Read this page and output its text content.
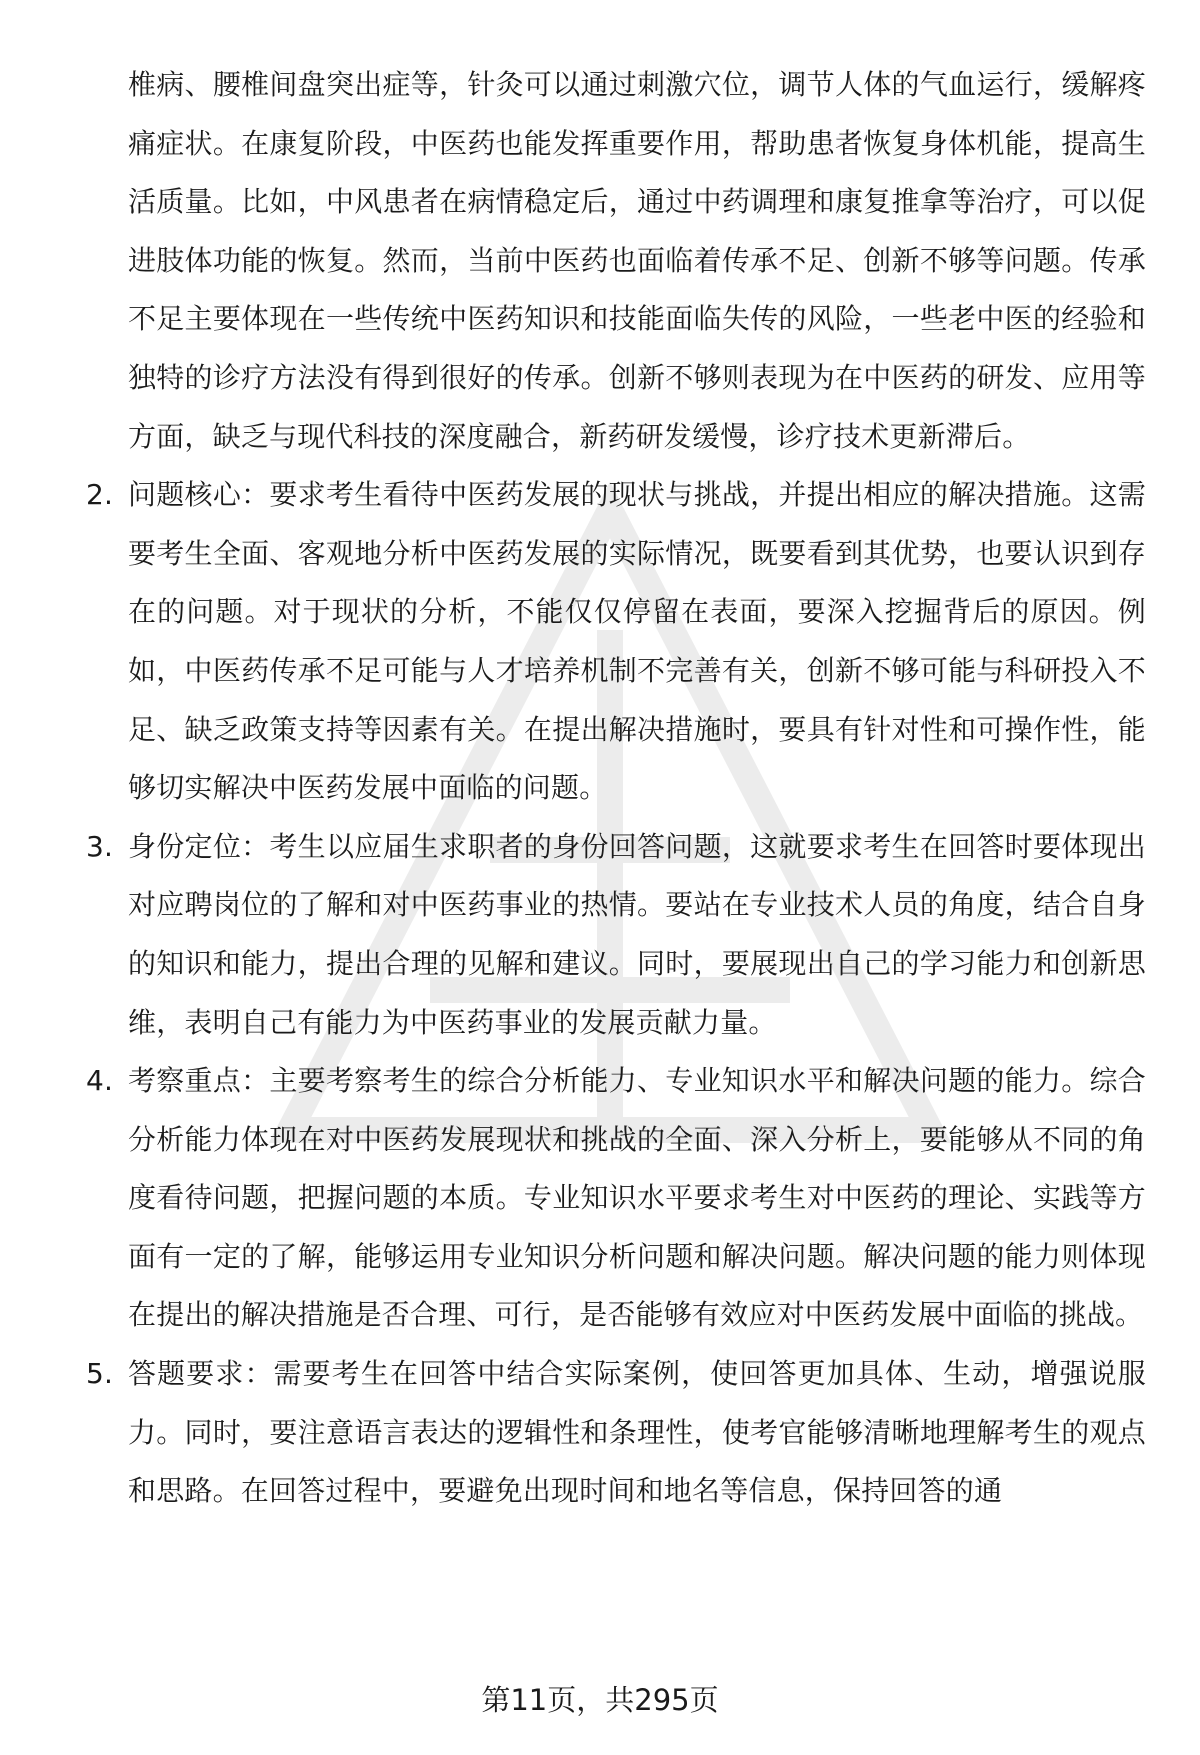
椎病、腰椎间盘突出症等，针灸可以通过刺激穴位，调节人体的气血运行，缓解疼痛症状。在康复阶段，中医药也能发挥重要作用，帮助患者恢复身体机能，提高生活质量。比如，中风患者在病情稳定后，通过中药调理和康复推拿等治疗，可以促进肢体功能的恢复。然而，当前中医药也面临着传承不足、创新不够等问题。传承不足主要体现在一些传统中医药知识和技能面临失传的风险，一些老中医的经验和独特的诊疗方法没有得到很好的传承。创新不够则表现为在中医药的研发、应用等方面，缺乏与现代科技的深度融合，新药研发缓慢，诊疗技术更新滞后。

2. 问题核心：要求考生看待中医药发展的现状与挑战，并提出相应的解决措施。这需要考生全面、客观地分析中医药发展的实际情况，既要看到其优势，也要认识到存在的问题。对于现状的分析，不能仅仅停留在表面，要深入挖掘背后的原因。例如，中医药传承不足可能与人才培养机制不完善有关，创新不够可能与科研投入不足、缺乏政策支持等因素有关。在提出解决措施时，要具有针对性和可操作性，能够切实解决中医药发展中面临的问题。
3. 身份定位：考生以应届生求职者的身份回答问题，这就要求考生在回答时要体现出对应聘岗位的了解和对中医药事业的热情。要站在专业技术人员的角度，结合自身的知识和能力，提出合理的见解和建议。同时，要展现出自己的学习能力和创新思维，表明自己有能力为中医药事业的发展贡献力量。
4. 考察重点：主要考察考生的综合分析能力、专业知识水平和解决问题的能力。综合分析能力体现在对中医药发展现状和挑战的全面、深入分析上，要能够从不同的角度看待问题，把握问题的本质。专业知识水平要求考生对中医药的理论、实践等方面有一定的了解，能够运用专业知识分析问题和解决问题。解决问题的能力则体现在提出的解决措施是否合理、可行，是否能够有效应对中医药发展中面临的挑战。
5. 答题要求：需要考生在回答中结合实际案例，使回答更加具体、生动，增强说服力。同时，要注意语言表达的逻辑性和条理性，使考官能够清晰地理解考生的观点和思路。在回答过程中，要避免出现时间和地名等信息，保持回答的通
第11页，共295页
